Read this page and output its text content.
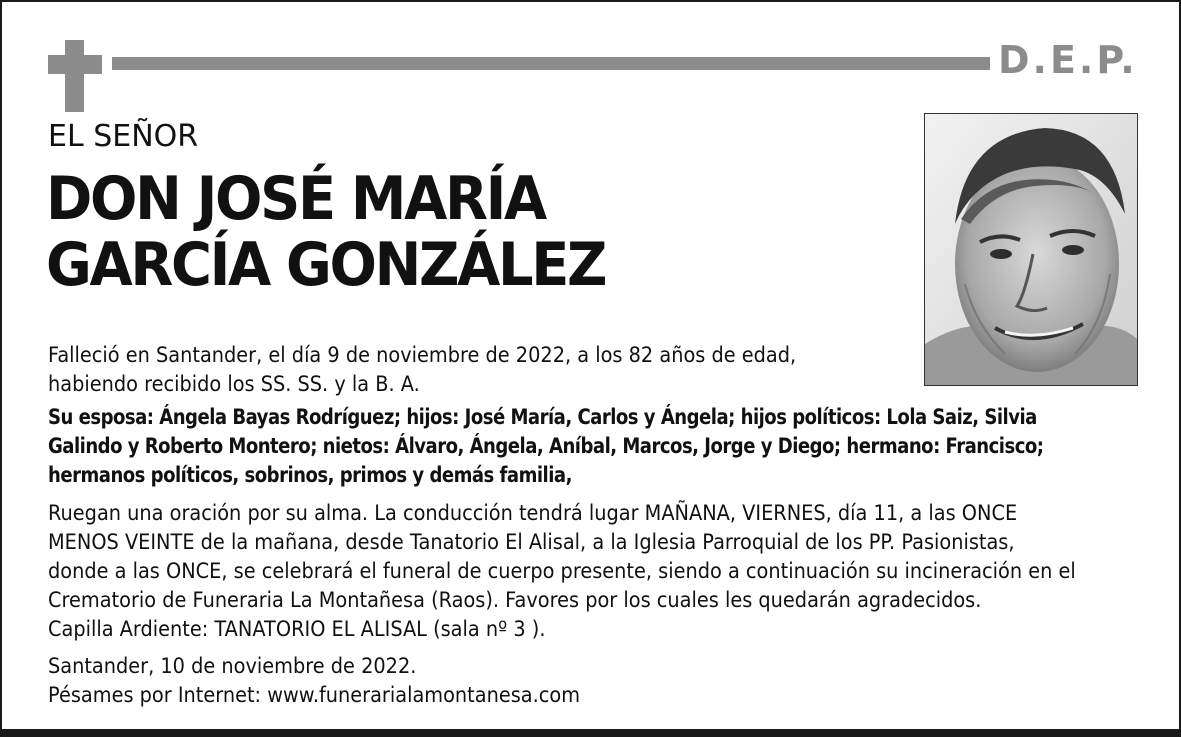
D.E.P.
EL SEÑOR
DON JOSÉ MARÍA
GARCÍA GONZÁLEZ
Falleció en Santander, el día 9 de noviembre de 2022, a los 82 años de edad,
habiendo recibido los SS. SS. y la B. A.
Su esposa: Ángela Bayas Rodríguez; hijos: José María, Carlos y Ángela; hijos políticos: Lola Saiz, Silvia
Galindo y Roberto Montero; nietos: Álvaro, Ángela, Aníbal, Marcos, Jorge y Diego; hermano: Francisco;
hermanos políticos, sobrinos, primos y demás familia,
Ruegan una oración por su alma. La conducción tendrá lugar MAÑANA, VIERNES, día 11, a las ONCE
MENOS VEINTE de la mañana, desde Tanatorio El Alisal, a la Iglesia Parroquial de los PP. Pasionistas,
donde a las ONCE, se celebrará el funeral de cuerpo presente, siendo a continuación su incineración en el
Crematorio de Funeraria La Montañesa (Raos). Favores por los cuales les quedarán agradecidos.
Capilla Ardiente: TANATORIO EL ALISAL (sala nº 3 ).
Santander, 10 de noviembre de 2022.
Pésames por Internet: www.funerarialamontanesa.com
